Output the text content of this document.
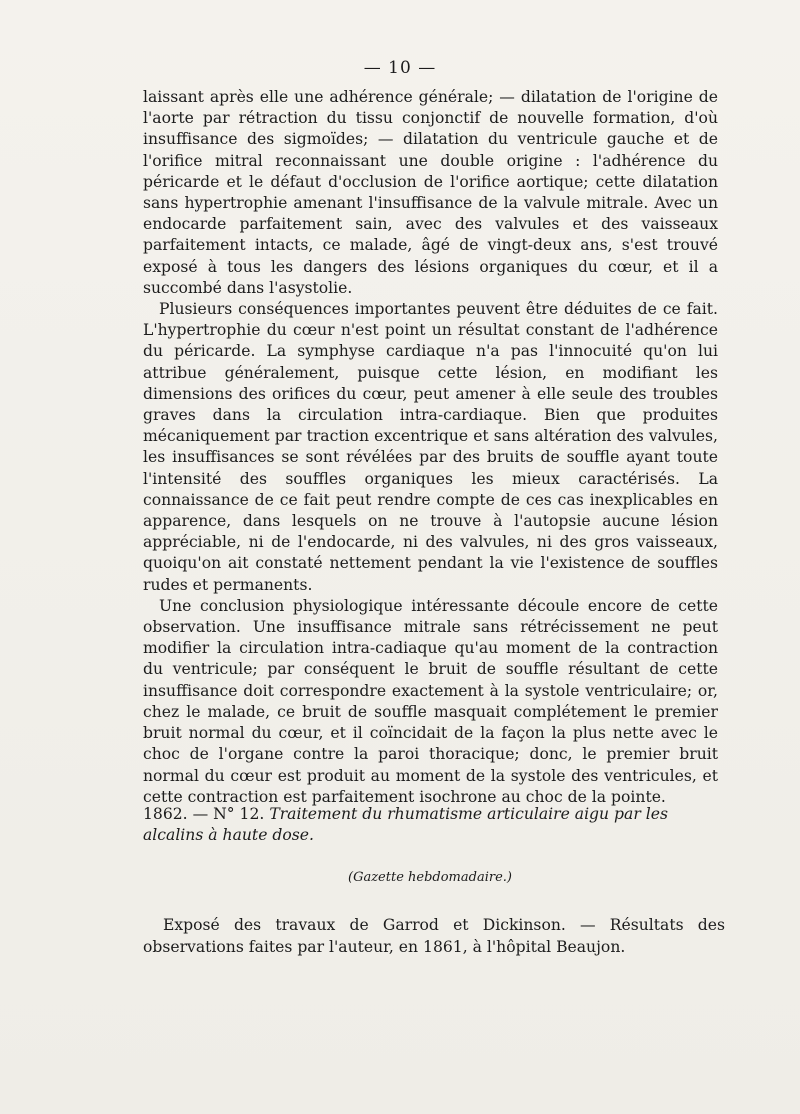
— 10 —

laissant après elle une adhérence générale; — dilatation de l'origine de l'aorte par rétraction du tissu conjonctif de nouvelle formation, d'où insuffisance des sigmoïdes; — dilatation du ventricule gauche et de l'orifice mitral reconnaissant une double origine : l'adhérence du péricarde et le défaut d'occlusion de l'orifice aortique; cette dilatation sans hypertrophie amenant l'insuffisance de la valvule mitrale. Avec un endocarde parfaitement sain, avec des valvules et des vaisseaux parfaitement intacts, ce malade, âgé de vingt-deux ans, s'est trouvé exposé à tous les dangers des lésions organiques du cœur, et il a succombé dans l'asystolie.

Plusieurs conséquences importantes peuvent être déduites de ce fait. L'hypertrophie du cœur n'est point un résultat constant de l'adhérence du péricarde. La symphyse cardiaque n'a pas l'innocuité qu'on lui attribue généralement, puisque cette lésion, en modifiant les dimensions des orifices du cœur, peut amener à elle seule des troubles graves dans la circulation intra-cardiaque. Bien que produites mécaniquement par traction excentrique et sans altération des valvules, les insuffisances se sont révélées par des bruits de souffle ayant toute l'intensité des souffles organiques les mieux caractérisés. La connaissance de ce fait peut rendre compte de ces cas inexplicables en apparence, dans lesquels on ne trouve à l'autopsie aucune lésion appréciable, ni de l'endocarde, ni des valvules, ni des gros vaisseaux, quoiqu'on ait constaté nettement pendant la vie l'existence de souffles rudes et permanents.

Une conclusion physiologique intéressante découle encore de cette observation. Une insuffisance mitrale sans rétrécissement ne peut modifier la circulation intra-cadiaque qu'au moment de la contraction du ventricule; par conséquent le bruit de souffle résultant de cette insuffisance doit correspondre exactement à la systole ventriculaire; or, chez le malade, ce bruit de souffle masquait complétement le premier bruit normal du cœur, et il coïncidait de la façon la plus nette avec le choc de l'organe contre la paroi thoracique; donc, le premier bruit normal du cœur est produit au moment de la systole des ventricules, et cette contraction est parfaitement isochrone au choc de la pointe.

1862. — N° 12. Traitement du rhumatisme articulaire aigu par les alcalins à haute dose.
(Gazette hebdomadaire.)

Exposé des travaux de Garrod et Dickinson. — Résultats des observations faites par l'auteur, en 1861, à l'hôpital Beaujon.
